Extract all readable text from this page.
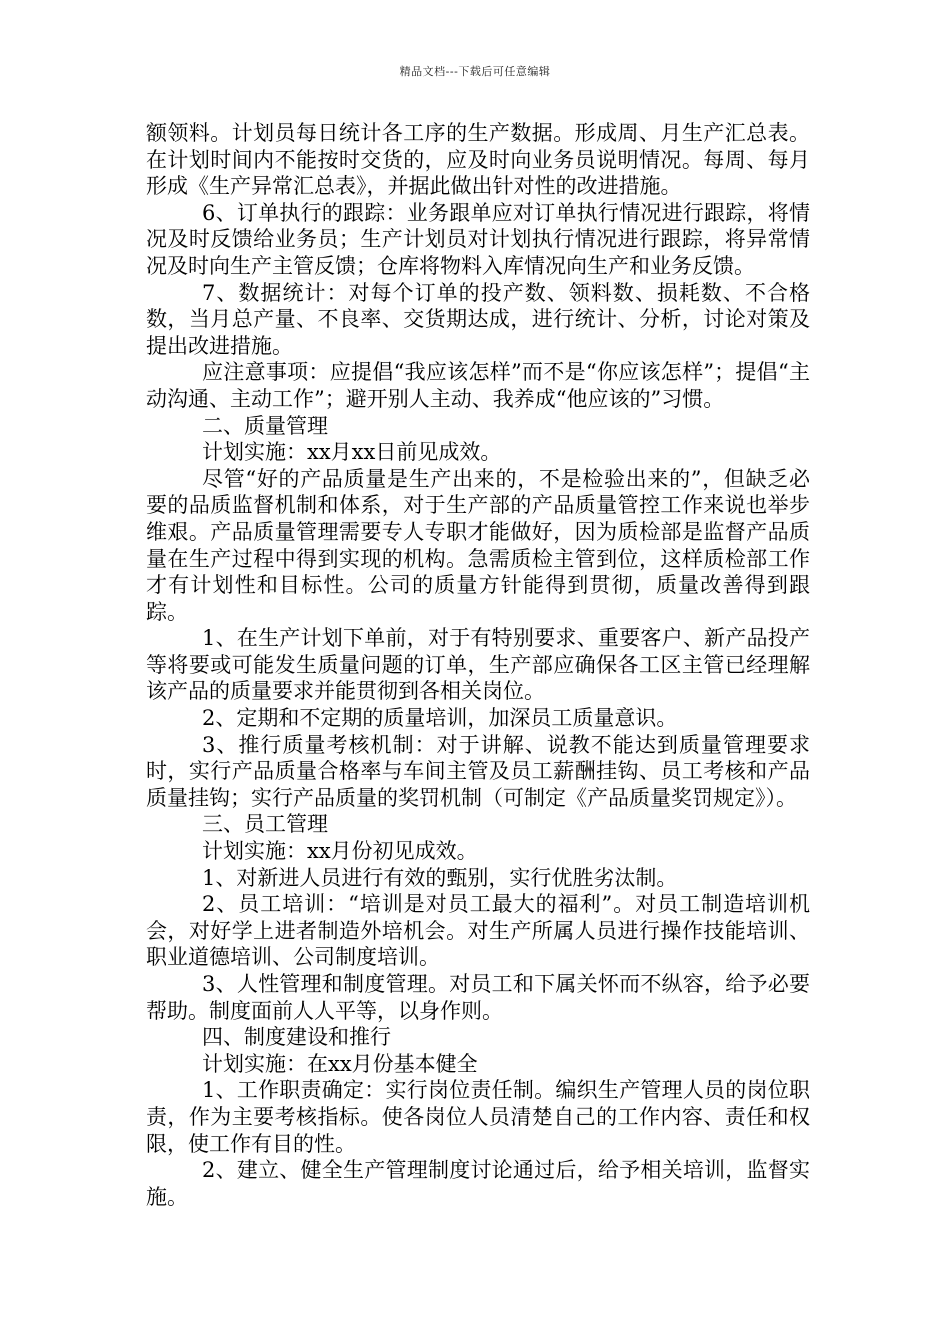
精品文档---下载后可任意编辑

额领料。计划员每日统计各工序的生产数据。形成周、月生产汇总表。在计划时间内不能按时交货的，应及时向业务员说明情况。每周、每月形成《生产异常汇总表》，并据此做出针对性的改进措施。

6、订单执行的跟踪：业务跟单应对订单执行情况进行跟踪，将情况及时反馈给业务员；生产计划员对计划执行情况进行跟踪，将异常情况及时向生产主管反馈；仓库将物料入库情况向生产和业务反馈。

7、数据统计：对每个订单的投产数、领料数、损耗数、不合格数，当月总产量、不良率、交货期达成，进行统计、分析，讨论对策及提出改进措施。

应注意事项：应提倡“我应该怎样”而不是“你应该怎样”；提倡“主动沟通、主动工作”；避开别人主动、我养成“他应该的”习惯。

二、质量管理

计划实施：xx月xx日前见成效。

尽管“好的产品质量是生产出来的，不是检验出来的”，但缺乏必要的品质监督机制和体系，对于生产部的产品质量管控工作来说也举步维艰。产品质量管理需要专人专职才能做好，因为质检部是监督产品质量在生产过程中得到实现的机构。急需质检主管到位，这样质检部工作才有计划性和目标性。公司的质量方针能得到贯彻，质量改善得到跟踪。

1、在生产计划下单前，对于有特别要求、重要客户、新产品投产等将要或可能发生质量问题的订单，生产部应确保各工区主管已经理解该产品的质量要求并能贯彻到各相关岗位。

2、定期和不定期的质量培训，加深员工质量意识。

3、推行质量考核机制：对于讲解、说教不能达到质量管理要求时，实行产品质量合格率与车间主管及员工薪酬挂钩、员工考核和产品质量挂钩；实行产品质量的奖罚机制（可制定《产品质量奖罚规定》）。

三、员工管理

计划实施：xx月份初见成效。

1、对新进人员进行有效的甄别，实行优胜劣汰制。

2、员工培训：“培训是对员工最大的福利”。对员工制造培训机会，对好学上进者制造外培机会。对生产所属人员进行操作技能培训、职业道德培训、公司制度培训。

3、人性管理和制度管理。对员工和下属关怀而不纵容，给予必要帮助。制度面前人人平等，以身作则。

四、制度建设和推行

计划实施：在xx月份基本健全

1、工作职责确定：实行岗位责任制。编织生产管理人员的岗位职责，作为主要考核指标。使各岗位人员清楚自己的工作内容、责任和权限，使工作有目的性。

2、建立、健全生产管理制度讨论通过后，给予相关培训，监督实施。
